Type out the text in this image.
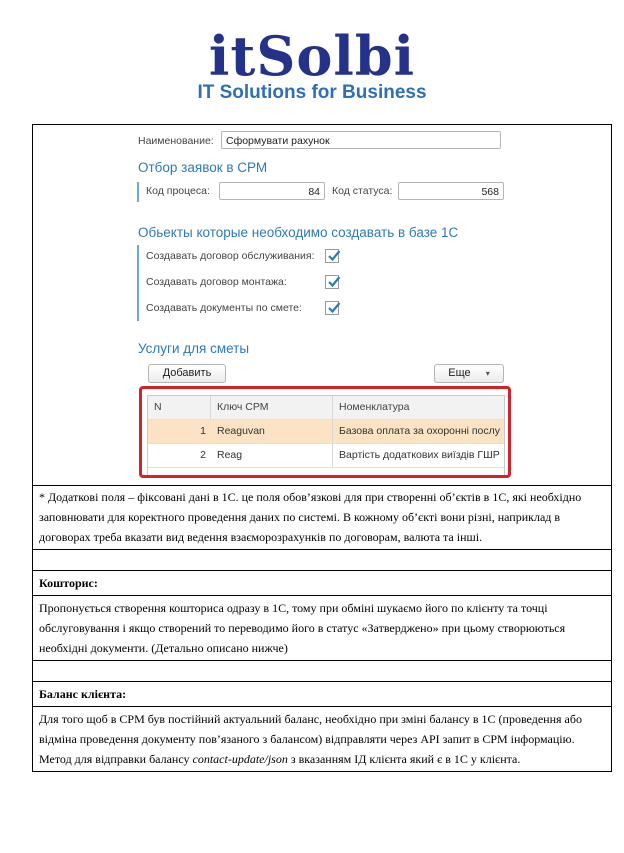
itSolbi
IT Solutions for Business
Наименование:	Сформувати рахунок
Отбор заявок в СРМ
Код процеса:	84	Код статуса:	568
Обьекты которые необходимо создавать в базе 1С
Создавать договор обслуживания:
Создавать договор монтажа:
Создавать документы по смете:
Услуги для сметы
Добавить	Еще ▾
N	Ключ СРМ	Номенклатура
1	Reaguvan	Базова оплата за охоронні послу
2	Reag	Вартість додаткових виїздів ГШР

* Додаткові поля – фіксовані дані в 1С. це поля обов’язкові для при створенні об’єктів в 1С, які необхідно заповнювати для коректного проведення даних по системі. В кожному об’єкті вони різні, наприклад в договорах треба вказати вид ведення взаєморозрахунків по договорам, валюта та інші.

Кошторис:

Пропонується створення кошториса одразу в 1С, тому при обміні шукаємо його по клієнту та точці обслуговування і якщо створений то переводимо його в статус «Затверджено» при цьому створюються необхідні документи. (Детально описано нижче)

Баланс клієнта:

Для того щоб в СРМ був постійний актуальний баланс, необхідно при зміні балансу в 1С (проведення або відміна проведення документу пов’язаного з балансом) відправляти через API запит в СРМ інформацію. Метод для відправки балансу contact-update/json з вказанням ІД клієнта який є в 1С у клієнта.
